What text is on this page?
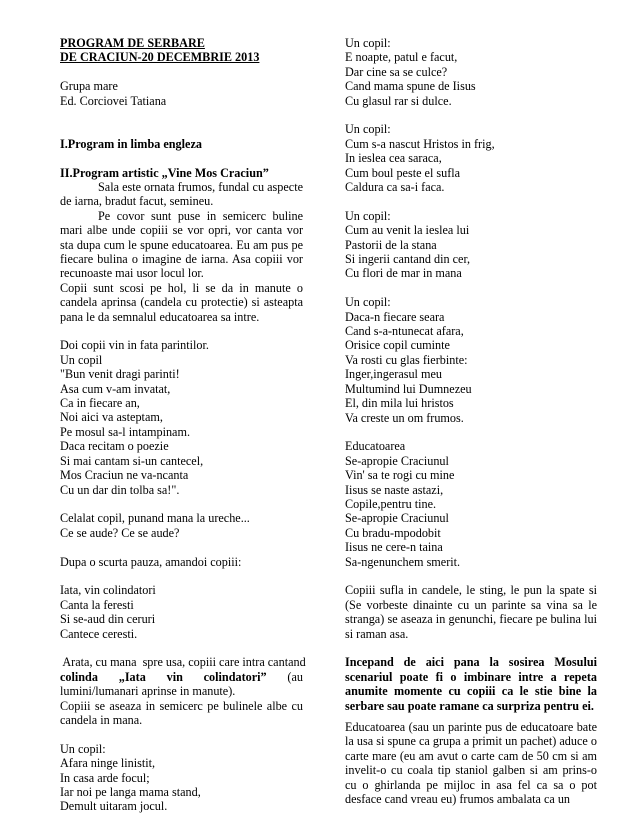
PROGRAM DE SERBARE
DE CRACIUN-20 DECEMBRIE 2013
Grupa mare
Ed. Corciovei Tatiana
I.Program in limba engleza
II.Program artistic „Vine Mos Craciun”
Sala este ornata frumos, fundal cu aspecte de iarna, bradut facut, semineu.
Pe covor sunt puse in semicerc buline mari albe unde copiii se vor opri, vor canta vor sta dupa cum le spune educatoarea. Eu am pus pe fiecare bulina o imagine de iarna. Asa copiii vor recunoaste mai usor locul lor.
Copii sunt scosi pe hol, li se da in manute o candela aprinsa (candela cu protectie) si asteapta pana le da semnalul educatoarea sa intre.
Doi copii vin in fata parintilor.
Un copil
"Bun venit dragi parinti!
Asa cum v-am invatat,
Ca in fiecare an,
Noi aici va asteptam,
Pe mosul sa-l intampinam.
Daca recitam o poezie
Si mai cantam si-un cantecel,
Mos Craciun ne va-ncanta
Cu un dar din tolba sa!".
Celalat copil, punand mana la ureche...
Ce se aude? Ce se aude?
Dupa o scurta pauza, amandoi copiii:
Iata, vin colindatori
Canta la feresti
Si se-aud din ceruri
Cantece ceresti.
Arata, cu mana  spre usa, copiii care intra cantand
colinda „Iata vin colindatori” (au
lumini/lumanari aprinse in manute).
Copiii se aseaza in semicerc pe bulinele albe cu candela in mana.
Un copil:
Afara ninge linistit,
In casa arde focul;
Iar noi pe langa mama stand,
Demult uitaram jocul.
Un copil:
E noapte, patul e facut,
Dar cine sa se culce?
Cand mama spune de Iisus
Cu glasul rar si dulce.
Un copil:
Cum s-a nascut Hristos in frig,
In ieslea cea saraca,
Cum boul peste el sufla
Caldura ca sa-i faca.
Un copil:
Cum au venit la ieslea lui
Pastorii de la stana
Si ingerii cantand din cer,
Cu flori de mar in mana
Un copil:
Daca-n fiecare seara
Cand s-a-ntunecat afara,
Orisice copil cuminte
Va rosti cu glas fierbinte:
Inger,ingerasul meu
Multumind lui Dumnezeu
El, din mila lui hristos
Va creste un om frumos.
Educatoarea
Se-apropie Craciunul
Vin' sa te rogi cu mine
Iisus se naste astazi,
Copile,pentru tine.
Se-apropie Craciunul
Cu bradu-mpodobit
Iisus ne cere-n taina
Sa-ngenunchem smerit.
Copiii sufla in candele, le sting, le pun la spate si (Se vorbeste dinainte cu un parinte sa vina sa le stranga) se aseaza in genunchi, fiecare pe bulina lui si raman asa.
Incepand de aici pana la sosirea Mosului scenariul poate fi o imbinare intre a repeta anumite momente cu copiii ca le stie bine la serbare sau poate ramane ca surpriza pentru ei.
Educatoarea (sau un parinte pus de educatoare bate la usa si spune ca grupa a primit un pachet) aduce o carte mare (eu am avut o carte cam de 50 cm si am invelit-o cu coala tip staniol galben si am prins-o cu o ghirlanda pe mijloc in asa fel ca sa o pot desface cand vreau eu) frumos ambalata ca un
